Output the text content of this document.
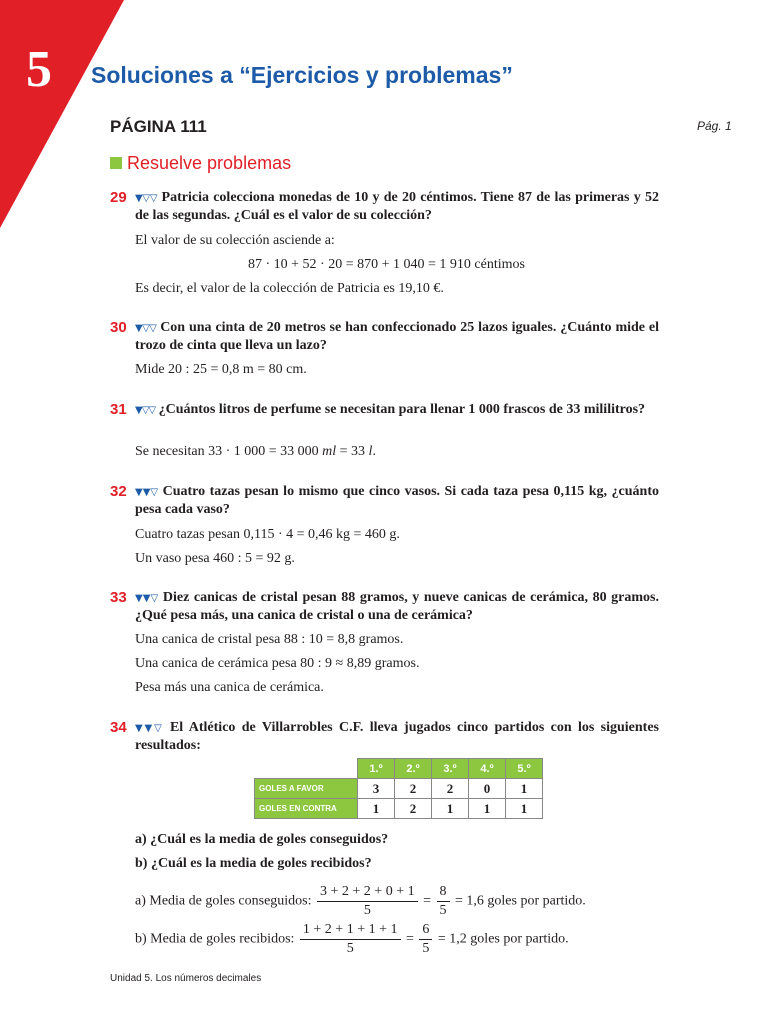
5 Soluciones a “Ejercicios y problemas”
PÁGINA 111	Pág. 1
Resuelve problemas
29 ▼▽▽ Patricia colecciona monedas de 10 y de 20 céntimos. Tiene 87 de las primeras y 52 de las segundas. ¿Cuál es el valor de su colección?
El valor de su colección asciende a:
87 · 10 + 52 · 20 = 870 + 1 040 = 1 910 céntimos
Es decir, el valor de la colección de Patricia es 19,10 €.
30 ▼▽▽ Con una cinta de 20 metros se han confeccionado 25 lazos iguales. ¿Cuánto mide el trozo de cinta que lleva un lazo?
Mide 20 : 25 = 0,8 m = 80 cm.
31 ▼▽▽ ¿Cuántos litros de perfume se necesitan para llenar 1 000 frascos de 33 mililitros?
Se necesitan 33 · 1 000 = 33 000 ml = 33 l.
32 ▼▼▽ Cuatro tazas pesan lo mismo que cinco vasos. Si cada taza pesa 0,115 kg, ¿cuánto pesa cada vaso?
Cuatro tazas pesan 0,115 · 4 = 0,46 kg = 460 g.
Un vaso pesa 460 : 5 = 92 g.
33 ▼▼▽ Diez canicas de cristal pesan 88 gramos, y nueve canicas de cerámica, 80 gramos. ¿Qué pesa más, una canica de cristal o una de cerámica?
Una canica de cristal pesa 88 : 10 = 8,8 gramos.
Una canica de cerámica pesa 80 : 9 ≈ 8,89 gramos.
Pesa más una canica de cerámica.
34 ▼▼▽ El Atlético de Villarrobles C.F. lleva jugados cinco partidos con los siguientes resultados:
	1.º	2.º	3.º	4.º	5.º
GOLES A FAVOR	3	2	2	0	1
GOLES EN CONTRA	1	2	1	1	1
a) ¿Cuál es la media de goles conseguidos?
b) ¿Cuál es la media de goles recibidos?
a) Media de goles conseguidos: $\frac{3 + 2 + 2 + 0 + 1}{5} = \frac{8}{5} = 1,6$ goles por partido.
b) Media de goles recibidos: $\frac{1 + 2 + 1 + 1 + 1}{5} = \frac{6}{5} = 1,2$ goles por partido.
Unidad 5. Los números decimales
